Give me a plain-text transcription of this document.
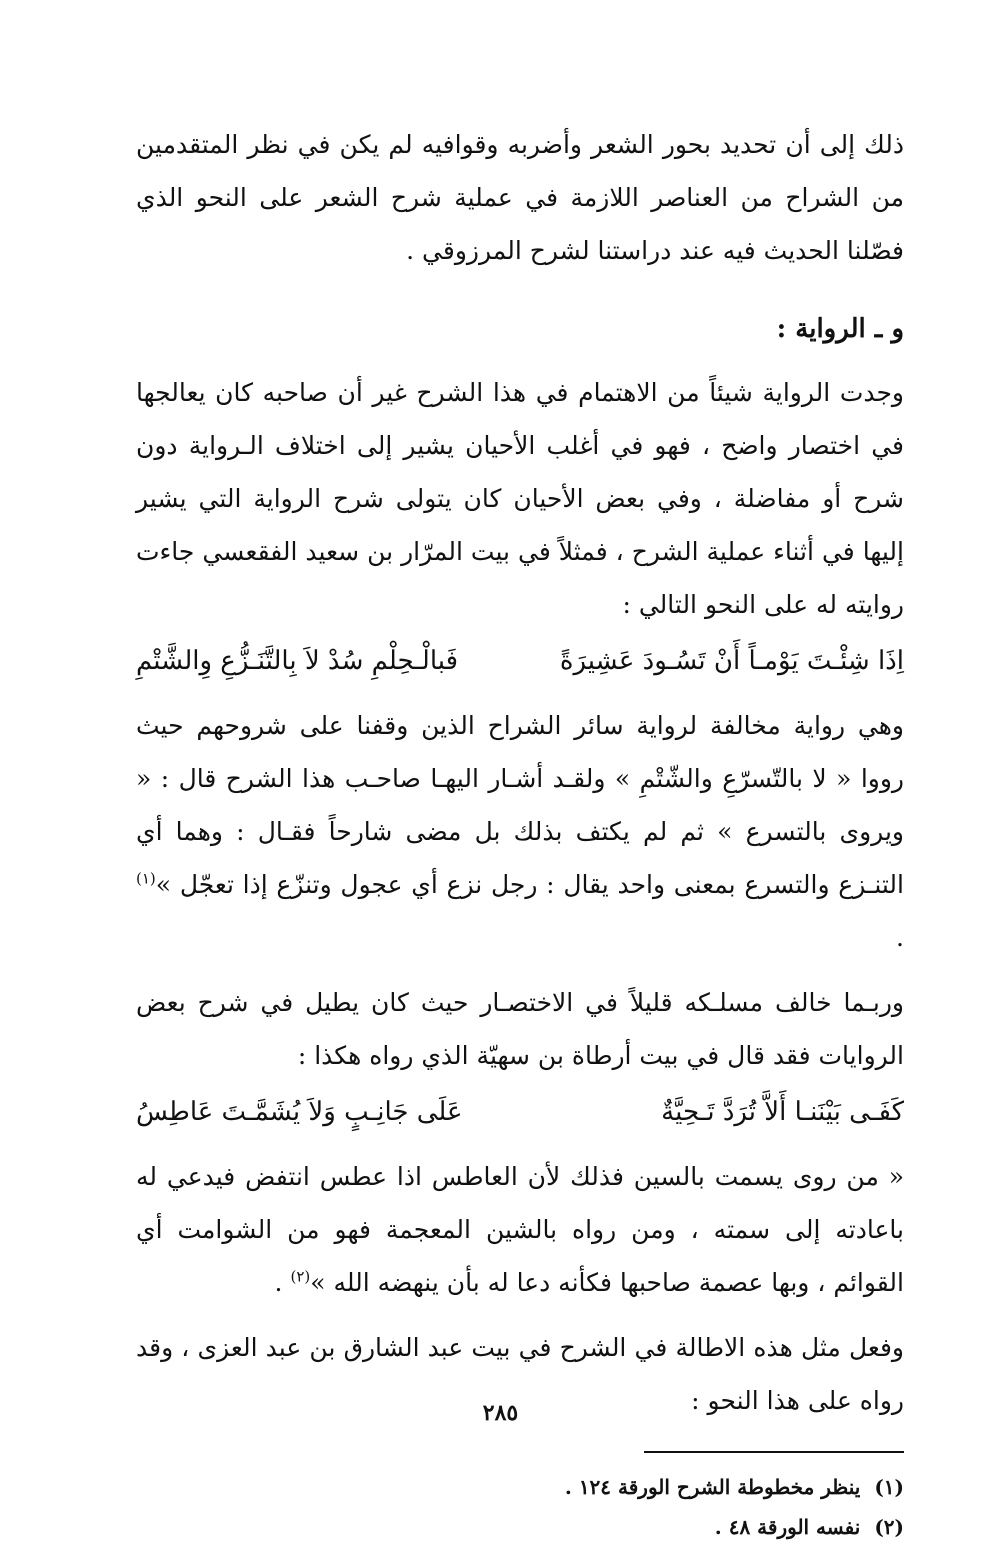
ذلك إلى أن تحديد بحور الشعر وأضربه وقوافيه لم يكن في نظر المتقدمين من الشراح من العناصر اللازمة في عملية شرح الشعر على النحو الذي فصّلنا الحديث فيه عند دراستنا لشرح المرزوقي .

و ـ الرواية :

وجدت الرواية شيئاً من الاهتمام في هذا الشرح غير أن صاحبه كان يعالجها في اختصار واضح ، فهو في أغلب الأحيان يشير إلى اختلاف الـرواية دون شرح أو مفاضلة ، وفي بعض الأحيان كان يتولى شرح الرواية التي يشير إليها في أثناء عملية الشرح ، فمثلاً في بيت المرّار بن سعيد الفقعسي جاءت روايته له على النحو التالي :

اِذَا شِئْـتَ يَوْمـاً أَنْ تَسُـودَ عَشِيرَةً
فَبالْـحِلْمِ سُدْ لاَ بِالتَّنَـزُّعِ وِالشَّتْمِ

وهي رواية مخالفة لرواية سائر الشراح الذين وقفنا على شروحهم حيث رووا « لا بالتّسرّعِ والشّتْمِ » ولقـد أشـار اليهـا صاحـب هذا الشرح قال : « ويروى بالتسرع » ثم لم يكتف بذلك بل مضى شارحاً فقـال : وهما أي التنـزع والتسرع بمعنى واحد يقال : رجل نزع أي عجول وتنزّع إذا تعجّل »$^{(١)}$ .

وربـما خالف مسلـكه قليلاً في الاختصـار حيث كان يطيل في شرح بعض الروايات فقد قال في بيت أرطاة بن سهيّة الذي رواه هكذا :

كَفَـى بَيْنَنـا أَلاَّ تُرَدَّ تَـحِيَّةٌ
عَلَى جَانِـبٍ وَلاَ يُشَمَّـتَ عَاطِسُ

« من روى يسمت بالسين فذلك لأن العاطس اذا عطس انتفض فيدعي له باعادته إلى سمته ، ومن رواه بالشين المعجمة فهو من الشوامت أي القوائم ، وبها عصمة صاحبها فكأنه دعا له بأن ينهضه الله »$^{(٢)}$ .

وفعل مثل هذه الاطالة في الشرح في بيت عبد الشارق بن عبد العزى ، وقد رواه على هذا النحو :

(١)ينظر مخطوطة الشرح الورقة ١٢٤ .

(٢)نفسه الورقة ٤٨ .

٢٨٥
